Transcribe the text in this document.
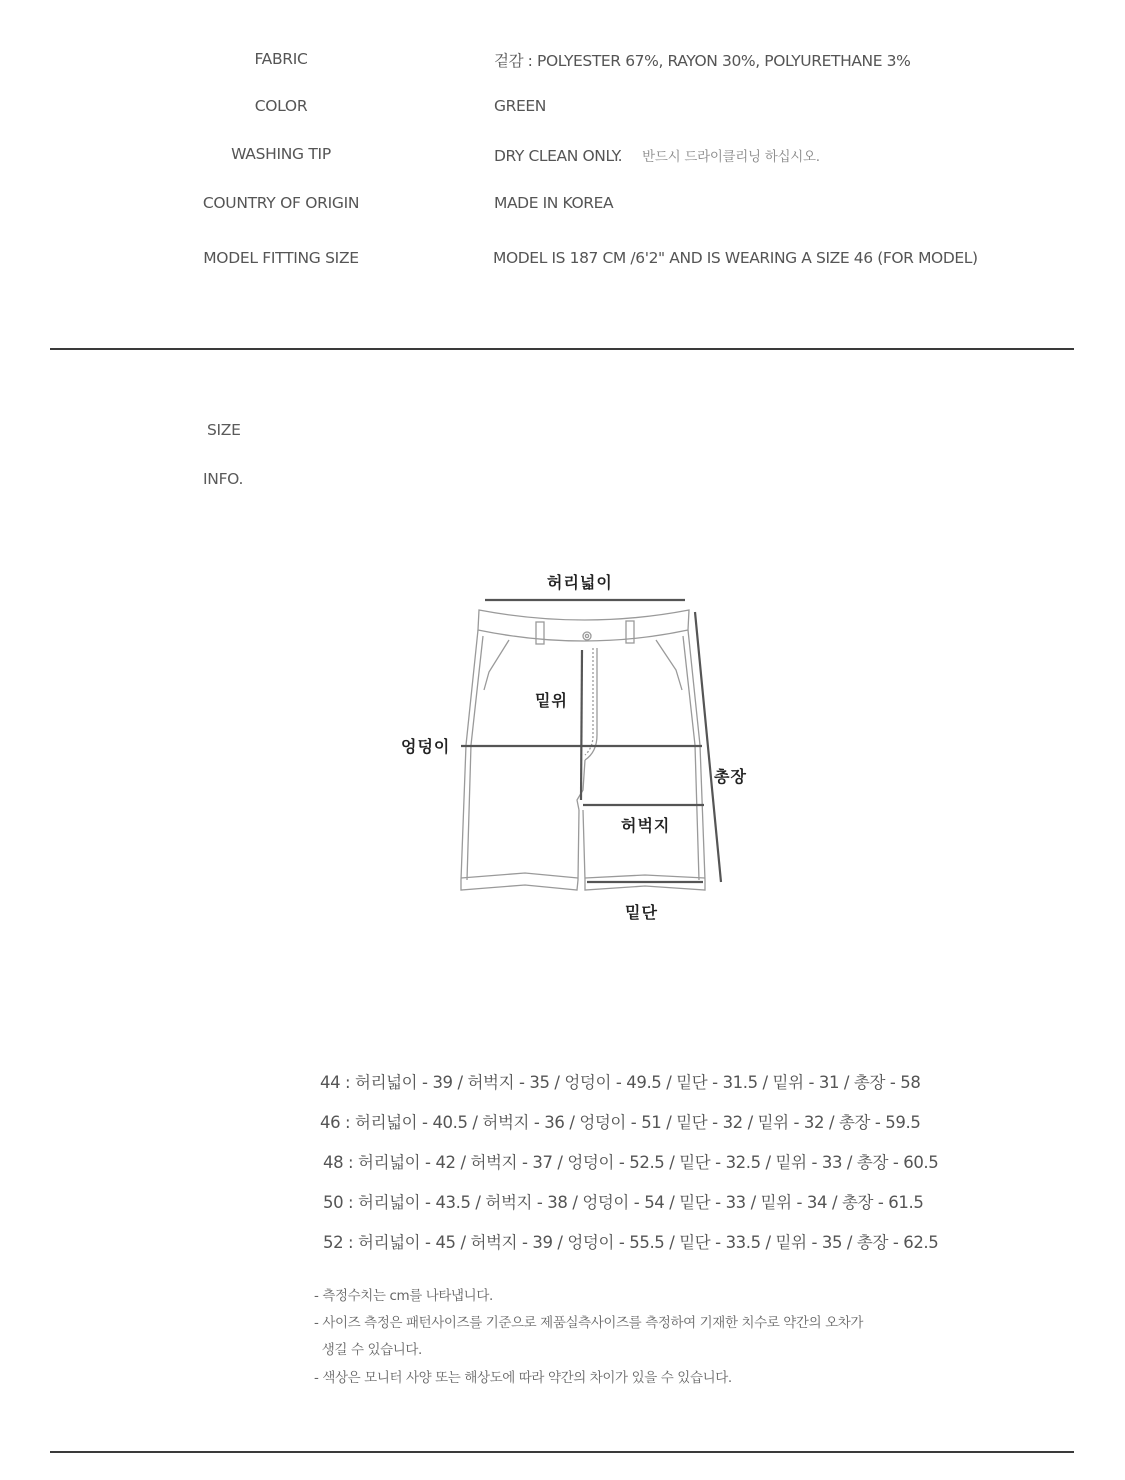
FABRIC	겉감 : POLYESTER 67%, RAYON 30%, POLYURETHANE 3%
COLOR	GREEN
WASHING TIP	DRY CLEAN ONLY. 반드시 드라이클리닝 하십시오.
COUNTRY OF ORIGIN	MADE IN KOREA
MODEL FITTING SIZE	MODEL IS 187 CM /6'2" AND IS WEARING A SIZE 46 (FOR MODEL)
SIZE
INFO.
허리넓이
밑위
엉덩이
총장
허벅지
밑단
44 : 허리넓이 - 39 / 허벅지 - 35 / 엉덩이 - 49.5 / 밑단 - 31.5 / 밑위 - 31 / 총장 - 58
46 : 허리넓이 - 40.5 / 허벅지 - 36 / 엉덩이 - 51 / 밑단 - 32 / 밑위 - 32 / 총장 - 59.5
48 : 허리넓이 - 42 / 허벅지 - 37 / 엉덩이 - 52.5 / 밑단 - 32.5 / 밑위 - 33 / 총장 - 60.5
50 : 허리넓이 - 43.5 / 허벅지 - 38 / 엉덩이 - 54 / 밑단 - 33 / 밑위 - 34 / 총장 - 61.5
52 : 허리넓이 - 45 / 허벅지 - 39 / 엉덩이 - 55.5 / 밑단 - 33.5 / 밑위 - 35 / 총장 - 62.5
- 측정수치는 cm를 나타냅니다.
- 사이즈 측정은 패턴사이즈를 기준으로 제품실측사이즈를 측정하여 기재한 치수로 약간의 오차가
생길 수 있습니다.
- 색상은 모니터 사양 또는 해상도에 따라 약간의 차이가 있을 수 있습니다.
